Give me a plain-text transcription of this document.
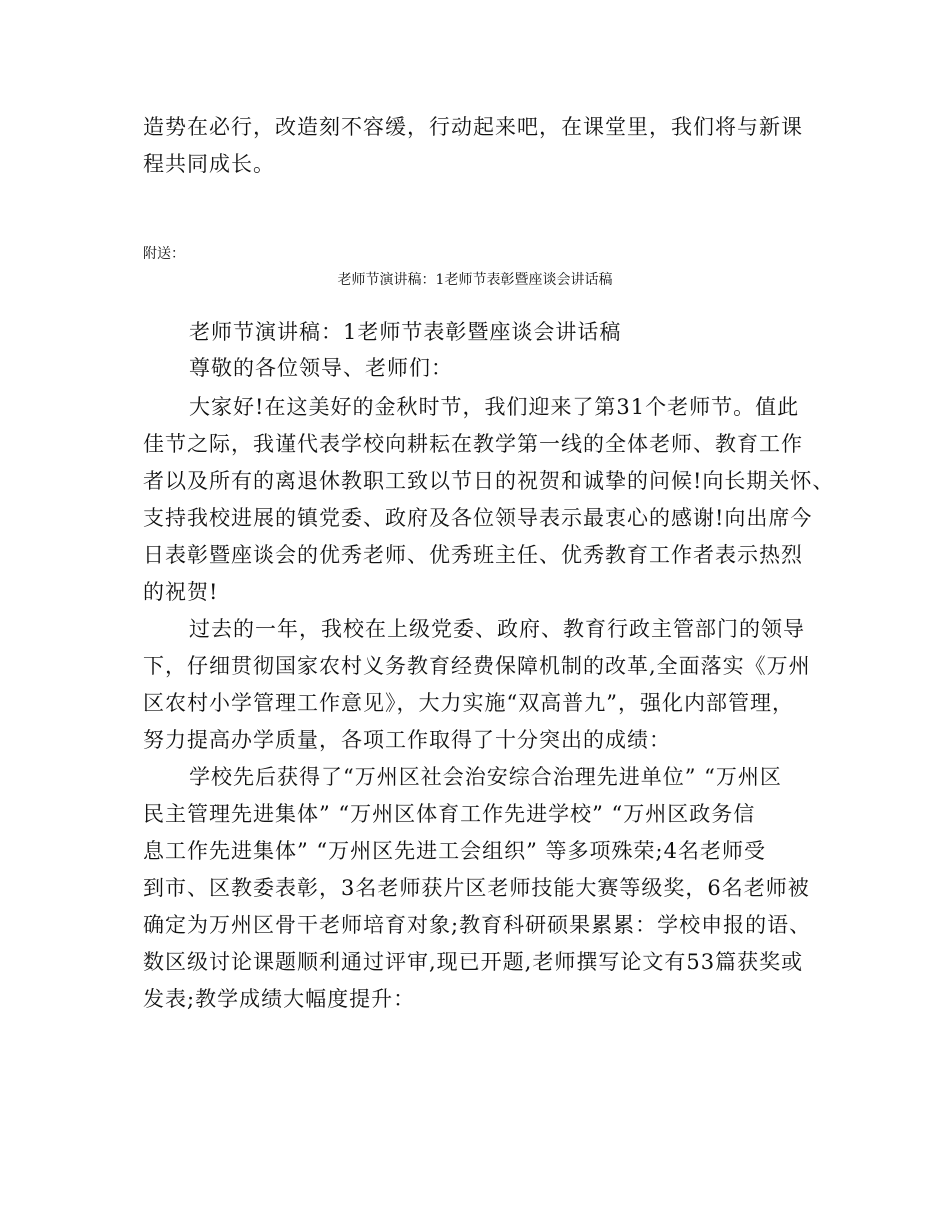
造势在必行，改造刻不容缓，行动起来吧，在课堂里，我们将与新课
程共同成长。
附送：
老师节演讲稿：1老师节表彰暨座谈会讲话稿
老师节演讲稿：1老师节表彰暨座谈会讲话稿
尊敬的各位领导、老师们：
大家好!在这美好的金秋时节，我们迎来了第31个老师节。值此
佳节之际，我谨代表学校向耕耘在教学第一线的全体老师、教育工作
者以及所有的离退休教职工致以节日的祝贺和诚挚的问候!向长期关怀、
支持我校进展的镇党委、政府及各位领导表示最衷心的感谢!向出席今
日表彰暨座谈会的优秀老师、优秀班主任、优秀教育工作者表示热烈
的祝贺!
过去的一年，我校在上级党委、政府、教育行政主管部门的领导
下，仔细贯彻国家农村义务教育经费保障机制的改革,全面落实《万州
区农村小学管理工作意见》，大力实施“双高普九”，强化内部管理，
努力提高办学质量，各项工作取得了十分突出的成绩：
学校先后获得了“万州区社会治安综合治理先进单位” “万州区
民主管理先进集体” “万州区体育工作先进学校” “万州区政务信
息工作先进集体” “万州区先进工会组织” 等多项殊荣;4名老师受
到市、区教委表彰，3名老师获片区老师技能大赛等级奖，6名老师被
确定为万州区骨干老师培育对象;教育科研硕果累累：学校申报的语、
数区级讨论课题顺利通过评审,现已开题,老师撰写论文有53篇获奖或
发表;教学成绩大幅度提升：
